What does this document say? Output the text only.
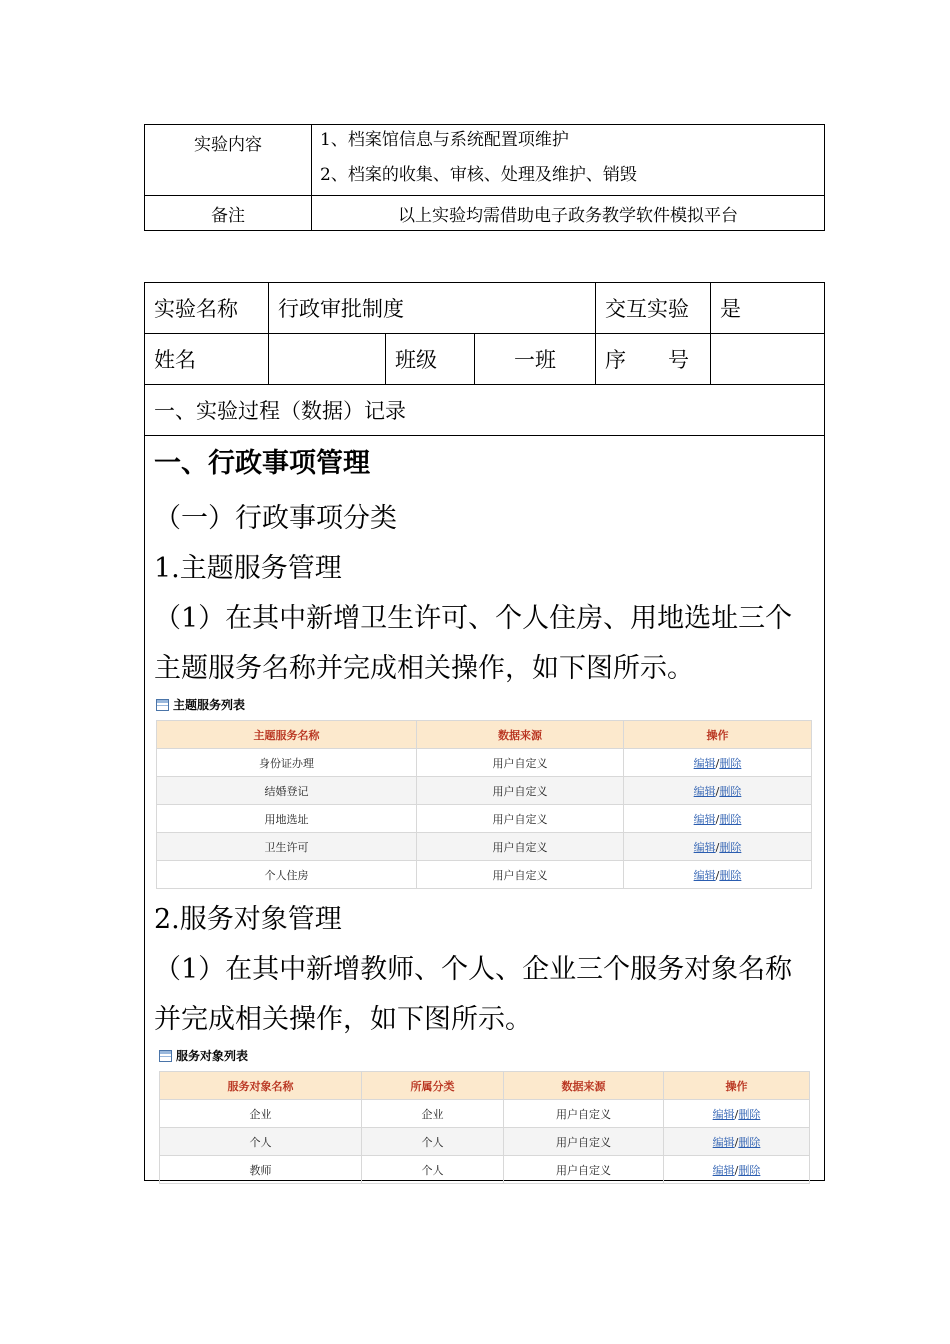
实验内容	1、档案馆信息与系统配置项维护
2、档案的收集、审核、处理及维护、销毁

备注	以上实验均需借助电子政务教学软件模拟平台
实验名称	行政审批制度			交互实验	是
姓名		班级	一班	序　　号	
一、实验过程（数据）记录
一、行政事项管理

（一）行政事项分类

1.主题服务管理

（1）在其中新增卫生许可、个人住房、用地选址三个主题服务名称并完成相关操作，如下图所示。

主题服务列表
主题服务名称	数据来源	操作
身份证办理	用户自定义	编辑/删除
结婚登记	用户自定义	编辑/删除
用地选址	用户自定义	编辑/删除
卫生许可	用户自定义	编辑/删除
个人住房	用户自定义	编辑/删除

2.服务对象管理

（1）在其中新增教师、个人、企业三个服务对象名称并完成相关操作，如下图所示。

服务对象列表
服务对象名称	所属分类	数据来源	操作
企业	企业	用户自定义	编辑/删除
个人	个人	用户自定义	编辑/删除
教师	个人	用户自定义	编辑/删除
